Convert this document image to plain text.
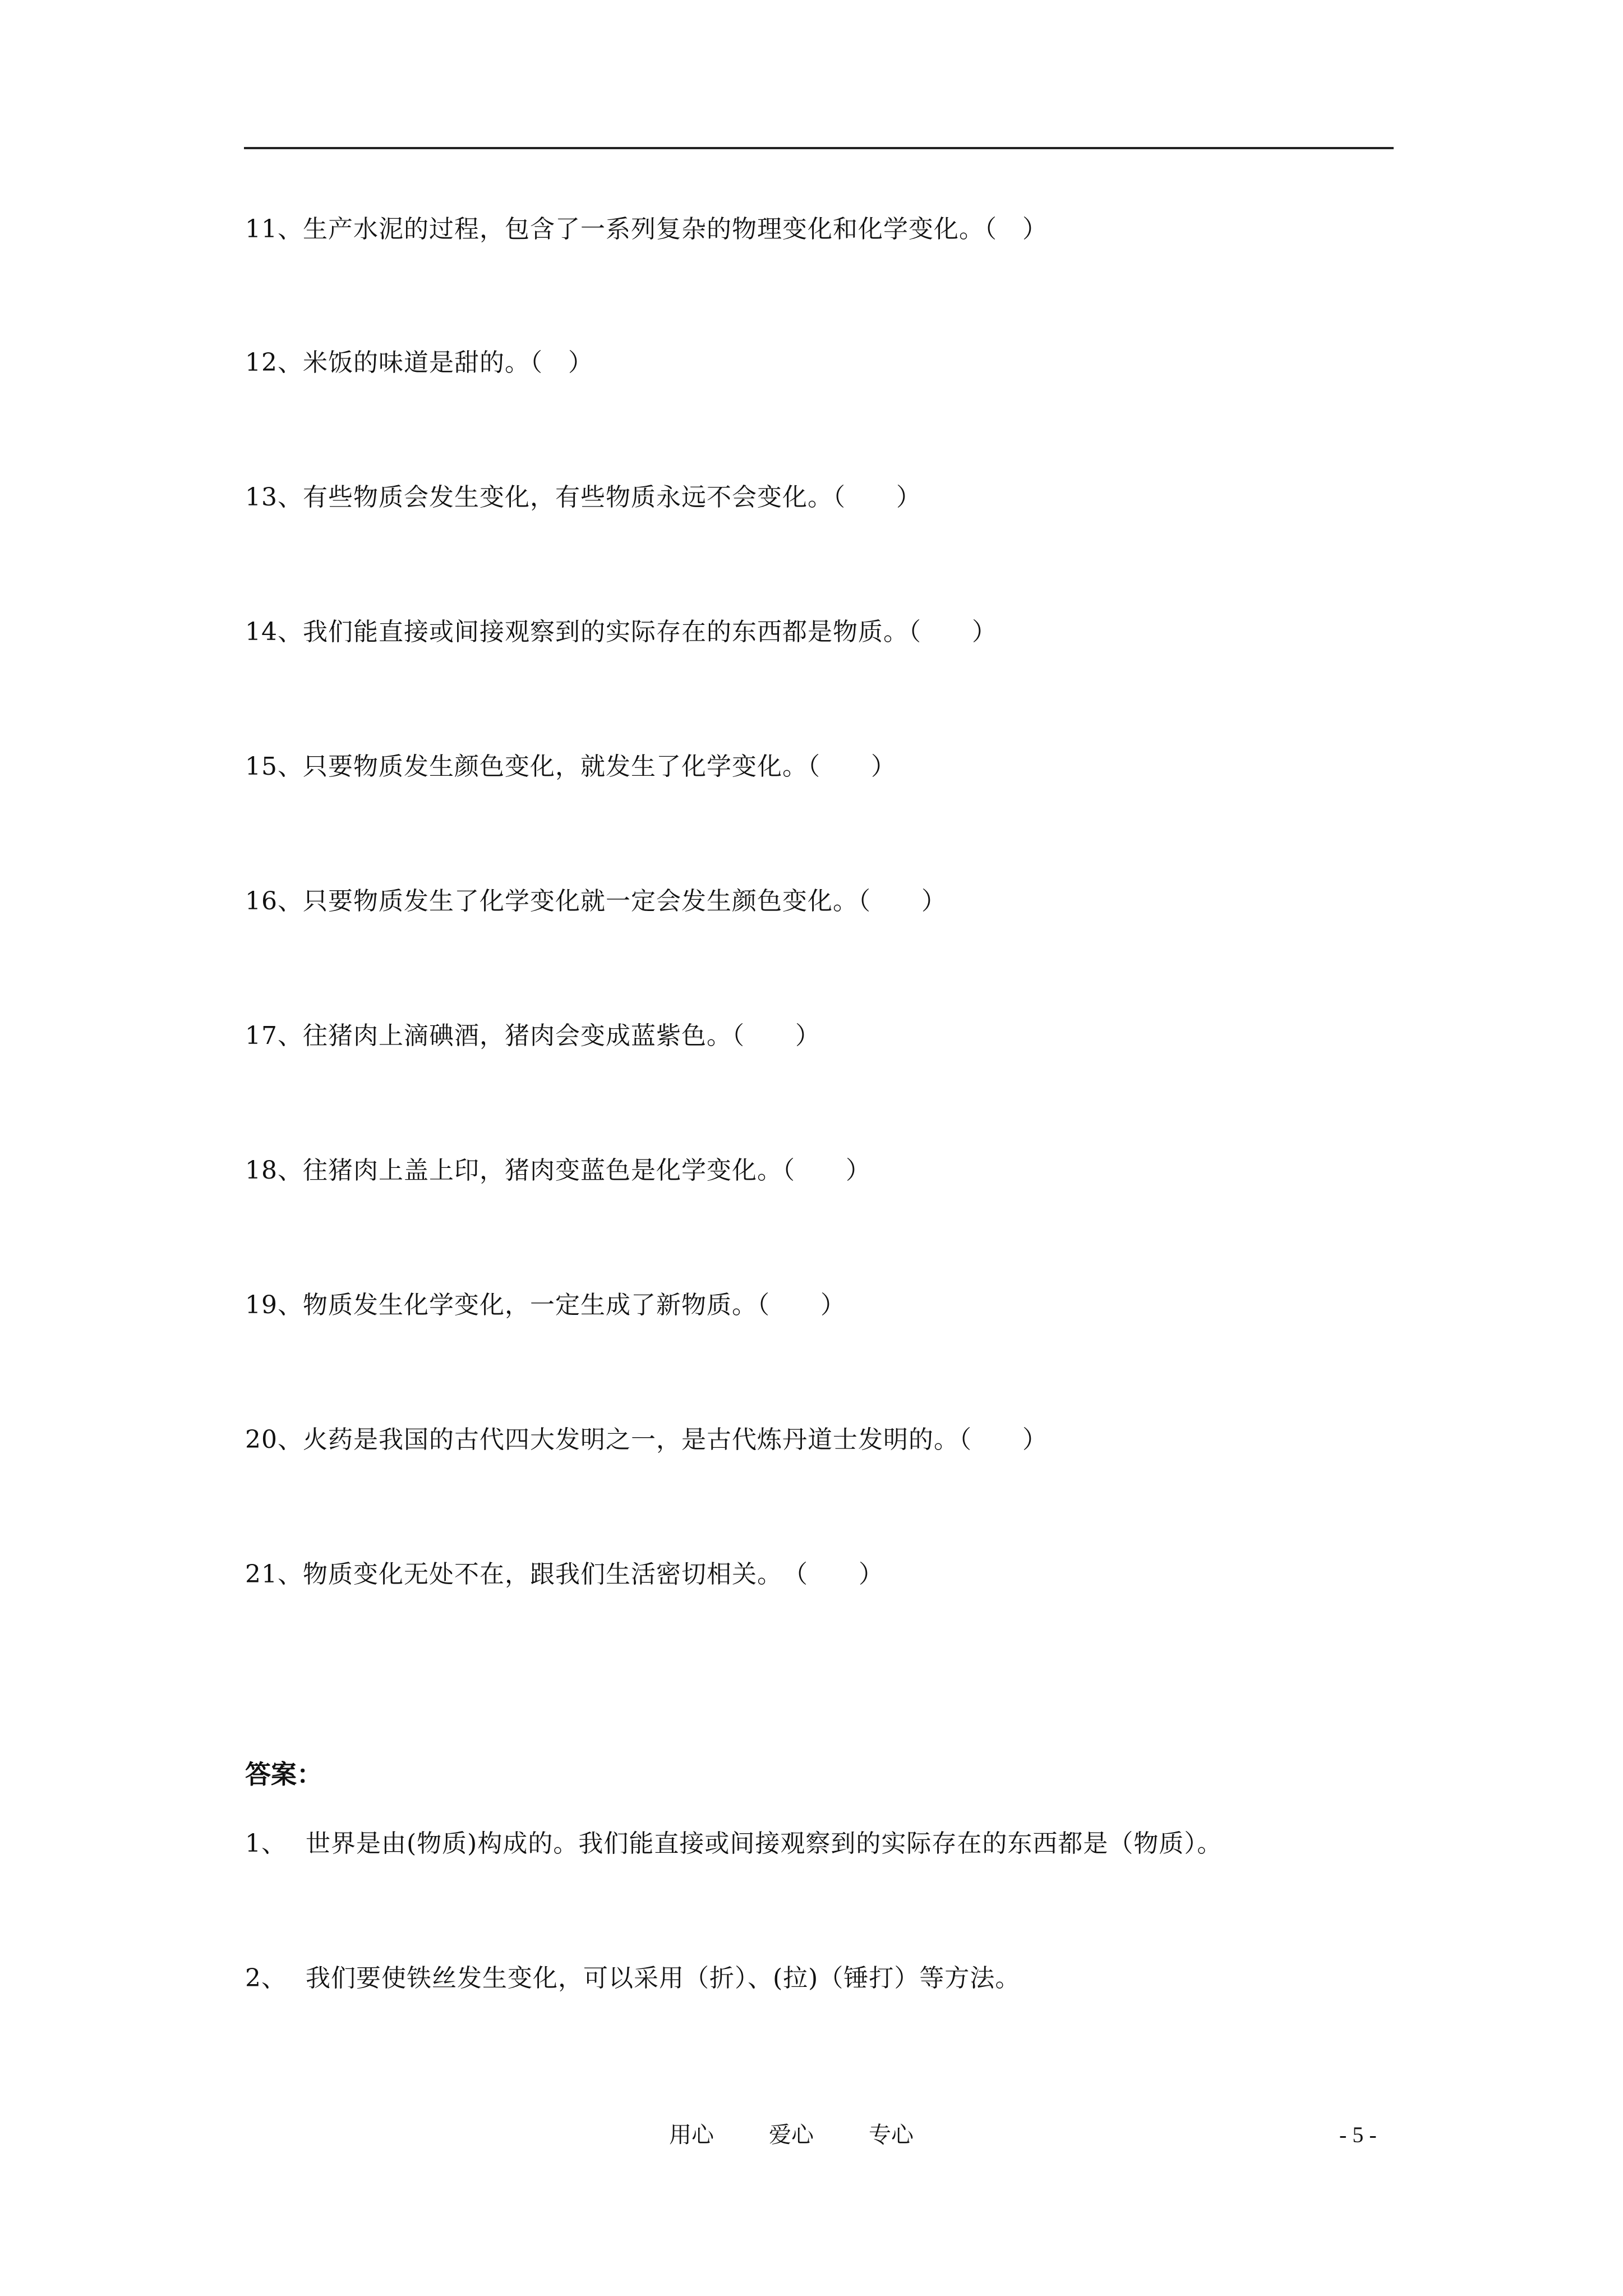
11、生产水泥的过程，包含了一系列复杂的物理变化和化学变化。（　）
12、米饭的味道是甜的。（　）
13、有些物质会发生变化，有些物质永远不会变化。（　　）
14、我们能直接或间接观察到的实际存在的东西都是物质。（　　）
15、只要物质发生颜色变化，就发生了化学变化。（　　）
16、只要物质发生了化学变化就一定会发生颜色变化。（　　）
17、往猪肉上滴碘酒，猪肉会变成蓝紫色。（　　）
18、往猪肉上盖上印，猪肉变蓝色是化学变化。（　　）
19、物质发生化学变化，一定生成了新物质。（　　）
20、火药是我国的古代四大发明之一，是古代炼丹道士发明的。（　　）
21、物质变化无处不在，跟我们生活密切相关。　（　　）
答案：
1、 世界是由(物质)构成的。我们能直接或间接观察到的实际存在的东西都是（物质）。
2、 我们要使铁丝发生变化，可以采用（折）、(拉)（锤打）等方法。
用心 爱心 专心	- 5 -
